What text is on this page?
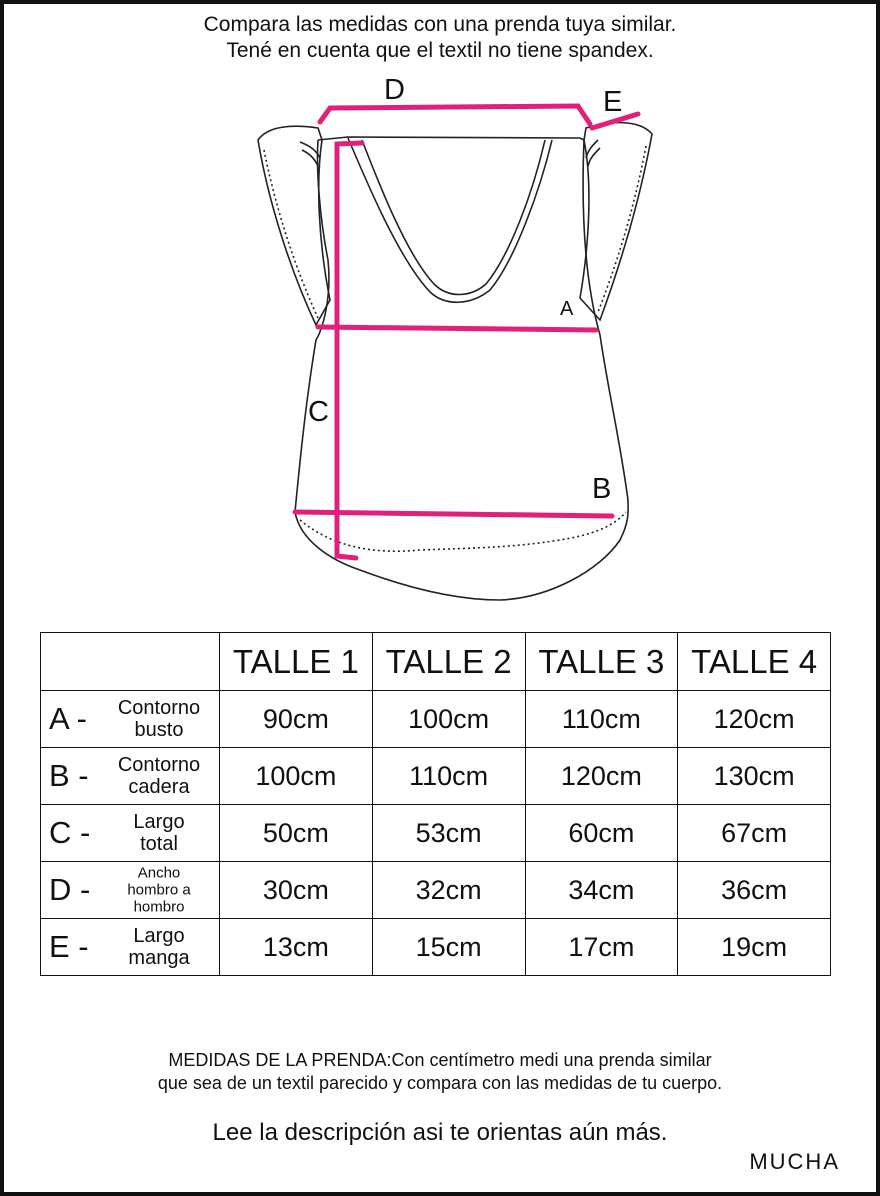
Compara las medidas con una prenda tuya similar.
Tené en cuenta que el textil no tiene spandex.
D	E
A
C
B
	TALLE 1	TALLE 2	TALLE 3	TALLE 4

A - Contorno
busto	90cm	100cm	110cm	120cm

B - Contorno
cadera	100cm	110cm	120cm	130cm

C - Largo
total	50cm	53cm	60cm	67cm

D - Ancho
hombro a
hombro	30cm	32cm	34cm	36cm

E - Largo
manga	13cm	15cm	17cm	19cm
MEDIDAS DE LA PRENDA:Con centímetro medi una prenda similar
que sea de un textil parecido y compara con las medidas de tu cuerpo.
Lee la descripción asi te orientas aún más.
MUCHA
